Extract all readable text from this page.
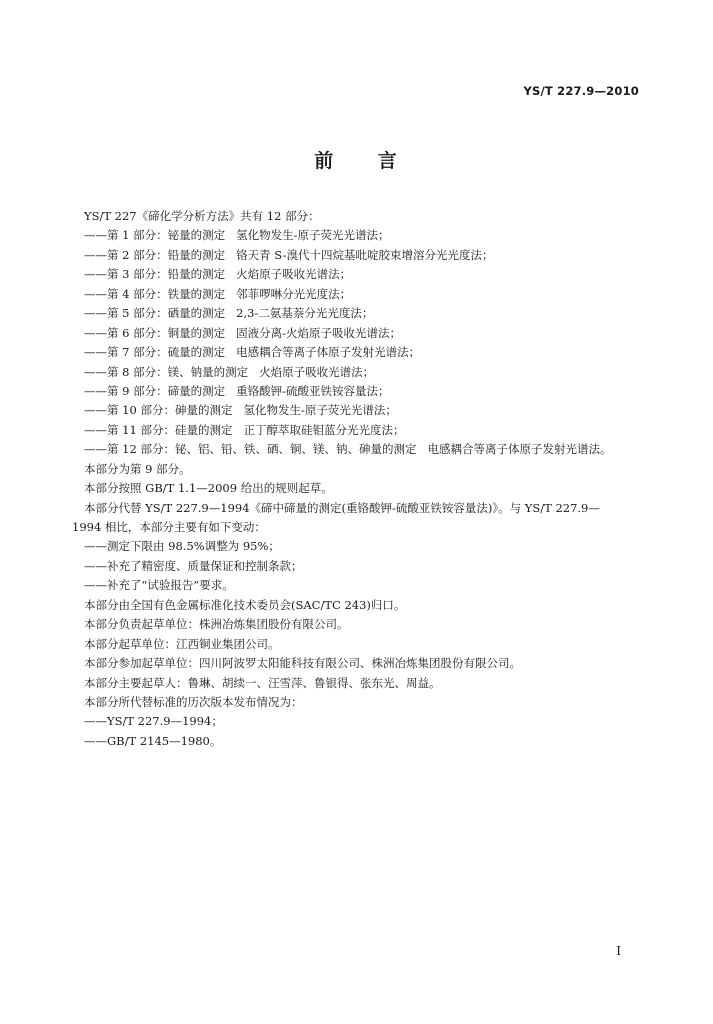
YS/T 227.9—2010
前 言
YS/T 227《碲化学分析方法》共有 12 部分：
——第 1 部分：铋量的测定 氢化物发生-原子荧光光谱法；
——第 2 部分：铅量的测定 铬天青 S-溴代十四烷基吡啶胶束增溶分光光度法；
——第 3 部分：铅量的测定 火焰原子吸收光谱法；
——第 4 部分：铁量的测定 邻菲啰啉分光光度法；
——第 5 部分：硒量的测定 2,3-二氨基萘分光光度法；
——第 6 部分：铜量的测定 固液分离-火焰原子吸收光谱法；
——第 7 部分：硫量的测定 电感耦合等离子体原子发射光谱法；
——第 8 部分：镁、钠量的测定 火焰原子吸收光谱法；
——第 9 部分：碲量的测定 重铬酸钾-硫酸亚铁铵容量法；
——第 10 部分：砷量的测定 氢化物发生-原子荧光光谱法；
——第 11 部分：硅量的测定 正丁醇萃取硅钼蓝分光光度法；
——第 12 部分：铋、铝、铅、铁、硒、铜、镁、钠、砷量的测定 电感耦合等离子体原子发射光谱法。
本部分为第 9 部分。
本部分按照 GB/T 1.1—2009 给出的规则起草。
本部分代替 YS/T 227.9—1994《碲中碲量的测定(重铬酸钾-硫酸亚铁铵容量法)》。与 YS/T 227.9—
1994 相比，本部分主要有如下变动：
——测定下限由 98.5%调整为 95%；
——补充了精密度、质量保证和控制条款；
——补充了“试验报告”要求。
本部分由全国有色金属标准化技术委员会(SAC/TC 243)归口。
本部分负责起草单位：株洲冶炼集团股份有限公司。
本部分起草单位：江西铜业集团公司。
本部分参加起草单位：四川阿波罗太阳能科技有限公司、株洲冶炼集团股份有限公司。
本部分主要起草人：鲁琳、胡续一、汪雪萍、鲁银得、张东光、周益。
本部分所代替标准的历次版本发布情况为：
——YS/T 227.9—1994；
——GB/T 2145—1980。
I
